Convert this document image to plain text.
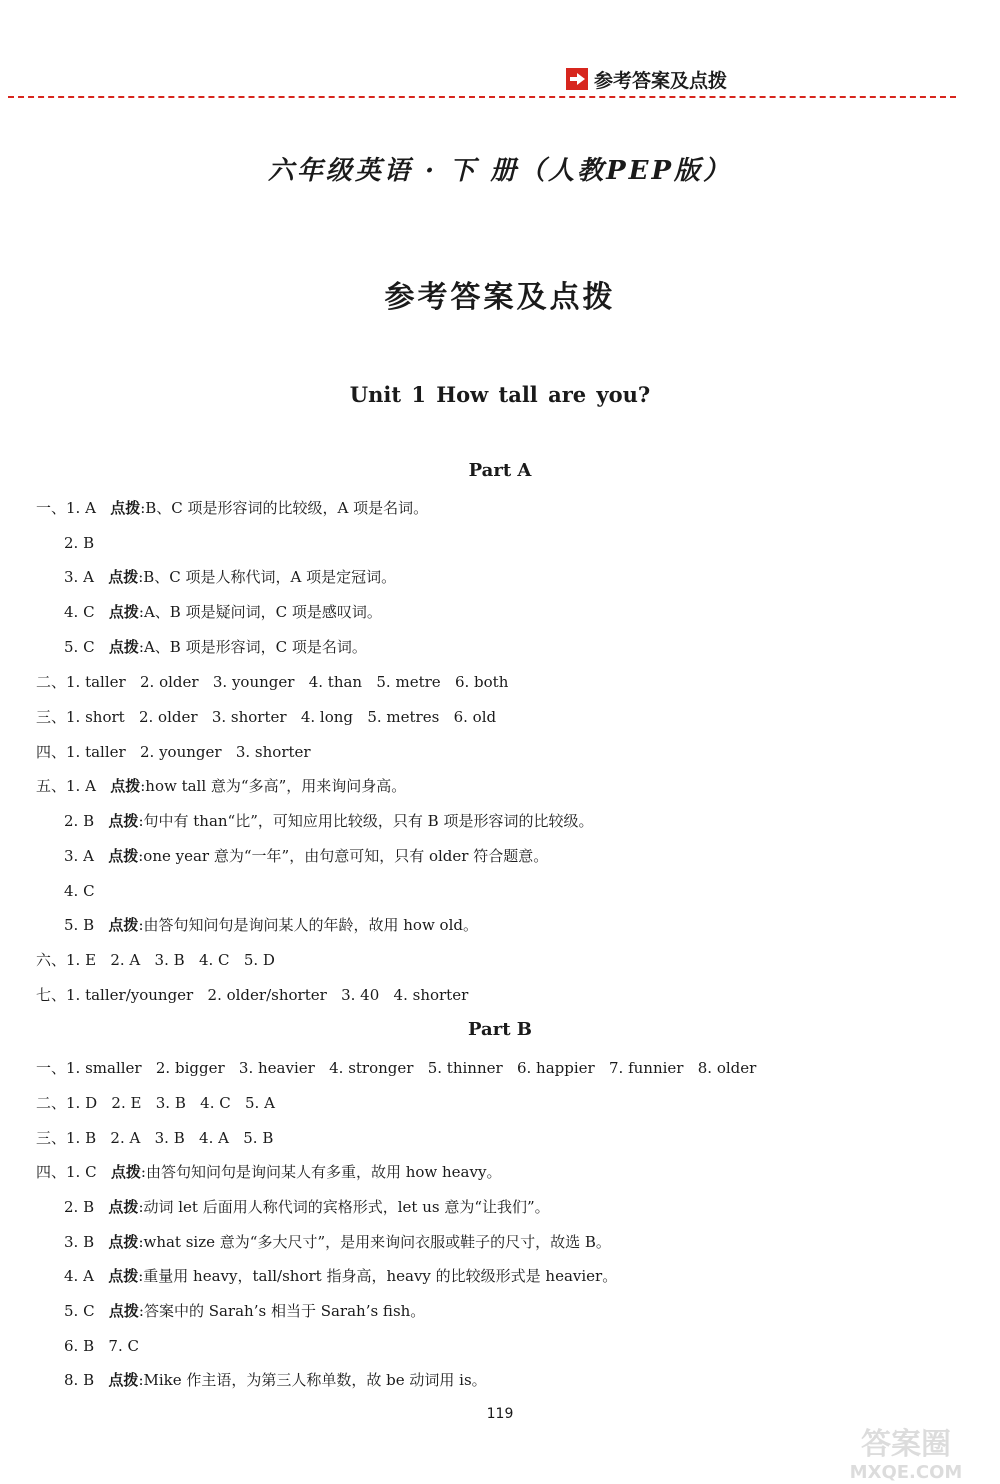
参考答案及点拨
六年级英语 · 下 册（人教PEP版）
参考答案及点拨
Unit 1 How tall are you?
Part A
一、1. A   点拨:B、C 项是形容词的比较级，A 项是名词。
2. B
3. A   点拨:B、C 项是人称代词，A 项是定冠词。
4. C   点拨:A、B 项是疑问词，C 项是感叹词。
5. C   点拨:A、B 项是形容词，C 项是名词。
二、1. taller   2. older   3. younger   4. than   5. metre   6. both
三、1. short   2. older   3. shorter   4. long   5. metres   6. old
四、1. taller   2. younger   3. shorter
五、1. A   点拨:how tall 意为“多高”，用来询问身高。
2. B   点拨:句中有 than“比”，可知应用比较级，只有 B 项是形容词的比较级。
3. A   点拨:one year 意为“一年”，由句意可知，只有 older 符合题意。
4. C
5. B   点拨:由答句知问句是询问某人的年龄，故用 how old。
六、1. E   2. A   3. B   4. C   5. D
七、1. taller/younger   2. older/shorter   3. 40   4. shorter
Part B
一、1. smaller   2. bigger   3. heavier   4. stronger   5. thinner   6. happier   7. funnier   8. older
二、1. D   2. E   3. B   4. C   5. A
三、1. B   2. A   3. B   4. A   5. B
四、1. C   点拨:由答句知问句是询问某人有多重，故用 how heavy。
2. B   点拨:动词 let 后面用人称代词的宾格形式，let us 意为“让我们”。
3. B   点拨:what size 意为“多大尺寸”，是用来询问衣服或鞋子的尺寸，故选 B。
4. A   点拨:重量用 heavy，tall/short 指身高，heavy 的比较级形式是 heavier。
5. C   点拨:答案中的 Sarah’s 相当于 Sarah’s fish。
6. B   7. C
8. B   点拨:Mike 作主语，为第三人称单数，故 be 动词用 is。
119
答案圈
MXQE.COM
